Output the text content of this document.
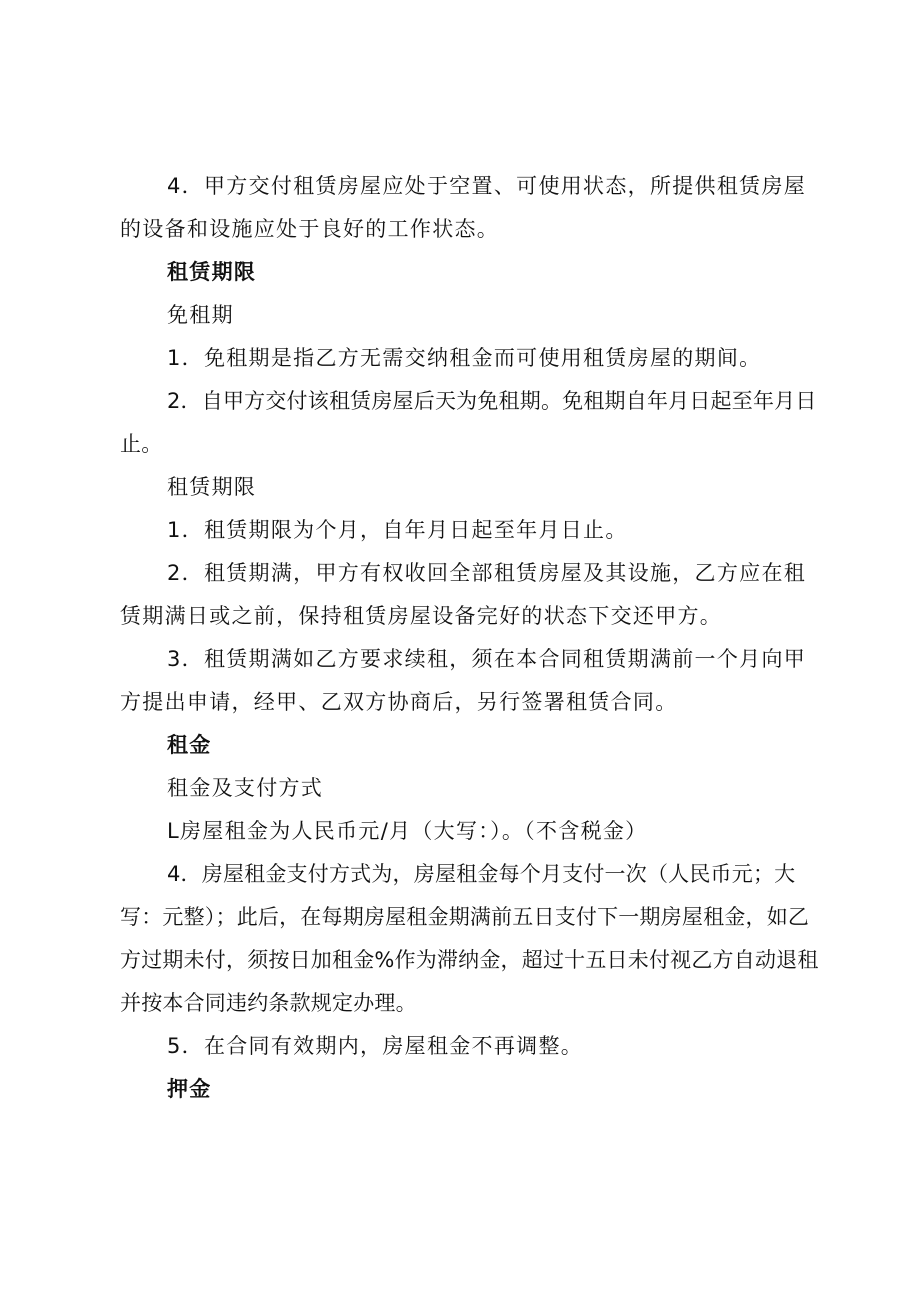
4．甲方交付租赁房屋应处于空置、可使用状态，所提供租赁房屋的设备和设施应处于良好的工作状态。

租赁期限

免租期

1．免租期是指乙方无需交纳租金而可使用租赁房屋的期间。

2．自甲方交付该租赁房屋后天为免租期。免租期自年月日起至年月日止。

租赁期限

1．租赁期限为个月，自年月日起至年月日止。

2．租赁期满，甲方有权收回全部租赁房屋及其设施，乙方应在租赁期满日或之前，保持租赁房屋设备完好的状态下交还甲方。

3．租赁期满如乙方要求续租，须在本合同租赁期满前一个月向甲方提出申请，经甲、乙双方协商后，另行签署租赁合同。

租金

租金及支付方式

L房屋租金为人民币元/月（大写：）。（不含税金）

4．房屋租金支付方式为，房屋租金每个月支付一次（人民币元；大写：元整）；此后，在每期房屋租金期满前五日支付下一期房屋租金，如乙方过期未付，须按日加租金%作为滞纳金，超过十五日未付视乙方自动退租并按本合同违约条款规定办理。

5．在合同有效期内，房屋租金不再调整。

押金
